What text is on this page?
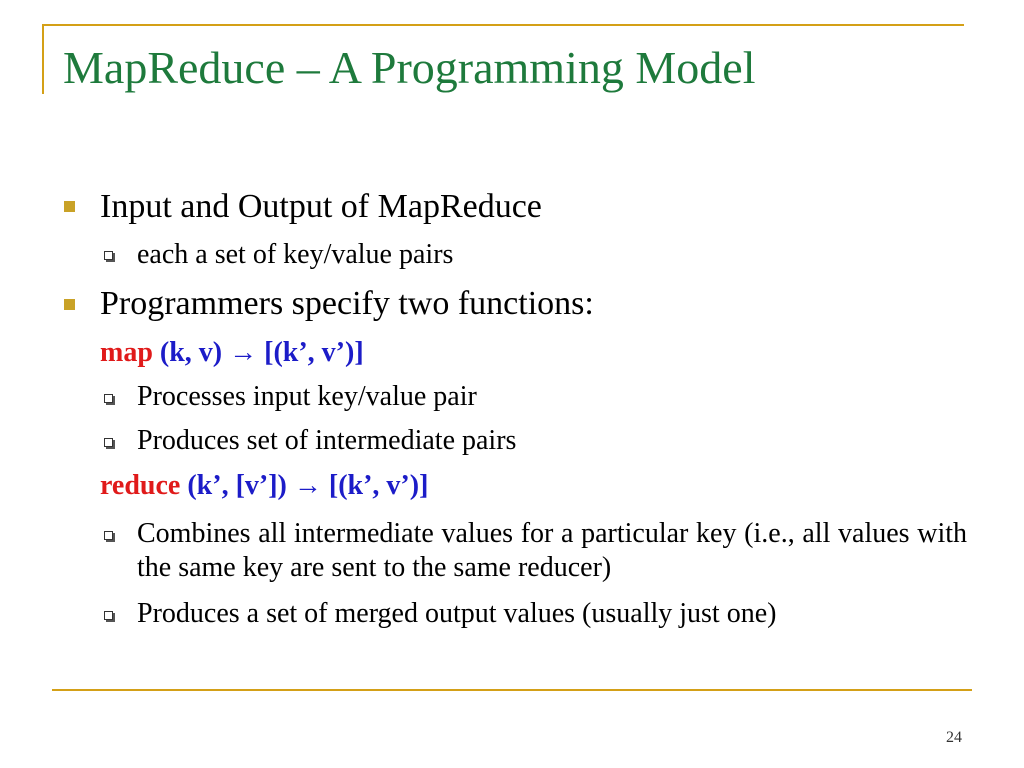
MapReduce – A Programming Model
Input and Output of MapReduce
each a set of key/value pairs
Programmers specify two functions:
map (k, v) → [(k’, v’)]
Processes input key/value pair
Produces set of intermediate pairs
reduce (k’, [v’]) → [(k’, v’)]
Combines all intermediate values for a particular key (i.e., all values with the same key are sent to the same reducer)
Produces a set of merged output values (usually just one)
24
